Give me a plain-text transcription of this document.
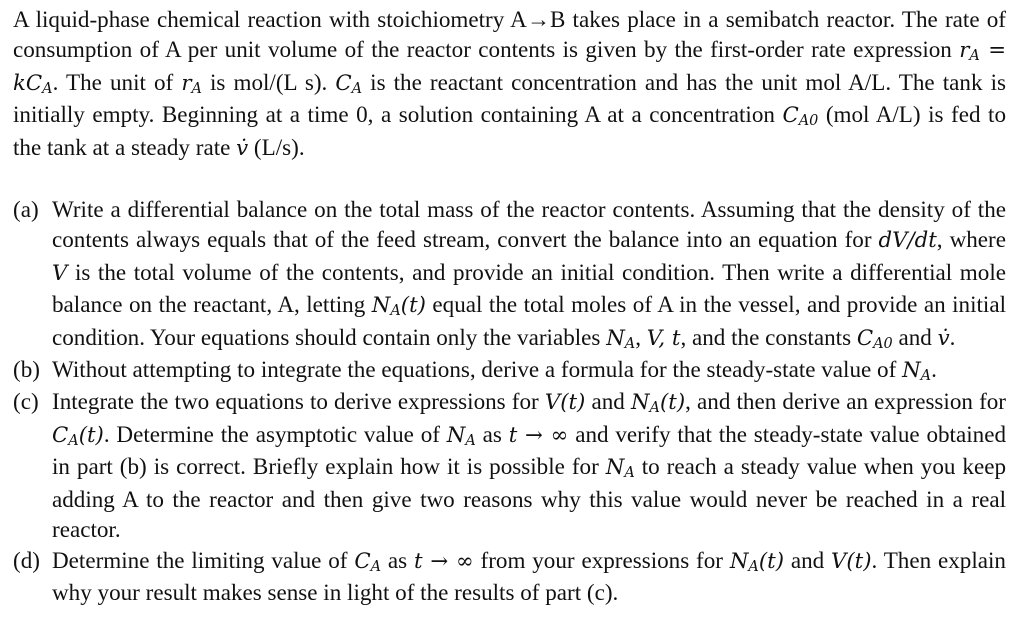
A liquid-phase chemical reaction with stoichiometry A→B takes place in a semibatch reactor. The rate of consumption of A per unit volume of the reactor contents is given by the first-order rate expression $r_A = kC_A$. The unit of $r_A$ is mol/(L s). $C_A$ is the reactant concentration and has the unit mol A/L. The tank is initially empty. Beginning at a time 0, a solution containing A at a concentration $C_{A0}$ (mol A/L) is fed to the tank at a steady rate v̇ (L/s).

(a) Write a differential balance on the total mass of the reactor contents. Assuming that the density of the contents always equals that of the feed stream, convert the balance into an equation for dV/dt, where V is the total volume of the contents, and provide an initial condition. Then write a differential mole balance on the reactant, A, letting $N_A(t)$ equal the total moles of A in the vessel, and provide an initial condition. Your equations should contain only the variables $N_A$, V, t, and the constants $C_{A0}$ and v̇.

(b) Without attempting to integrate the equations, derive a formula for the steady-state value of $N_A$.

(c) Integrate the two equations to derive expressions for V(t) and $N_A(t)$, and then derive an expression for $C_A(t)$. Determine the asymptotic value of $N_A$ as t → ∞ and verify that the steady-state value obtained in part (b) is correct. Briefly explain how it is possible for $N_A$ to reach a steady value when you keep adding A to the reactor and then give two reasons why this value would never be reached in a real reactor.

(d) Determine the limiting value of $C_A$ as t → ∞ from your expressions for $N_A(t)$ and V(t). Then explain why your result makes sense in light of the results of part (c).
